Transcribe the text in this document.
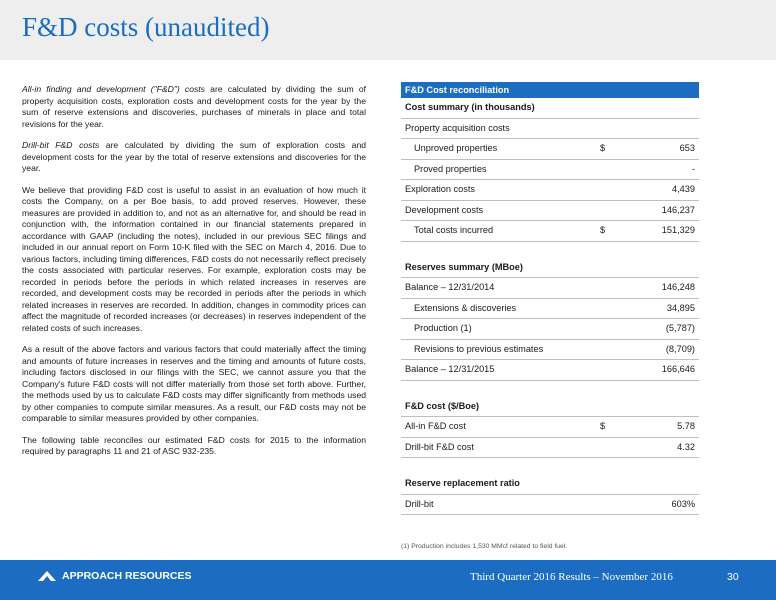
F&D costs (unaudited)

All-in finding and development ("F&D") costs are calculated by dividing the sum of property acquisition costs, exploration costs and development costs for the year by the sum of reserve extensions and discoveries, purchases of minerals in place and total revisions for the year.

Drill-bit F&D costs are calculated by dividing the sum of exploration costs and development costs for the year by the total of reserve extensions and discoveries for the year.

We believe that providing F&D cost is useful to assist in an evaluation of how much it costs the Company, on a per Boe basis, to add proved reserves. However, these measures are provided in addition to, and not as an alternative for, and should be read in conjunction with, the information contained in our financial statements prepared in accordance with GAAP (including the notes), included in our previous SEC filings and included in our annual report on Form 10-K filed with the SEC on March 4, 2016. Due to various factors, including timing differences, F&D costs do not necessarily reflect precisely the costs associated with particular reserves. For example, exploration costs may be recorded in periods before the periods in which related increases in reserves are recorded, and development costs may be recorded in periods after the periods in which related increases in reserves are recorded. In addition, changes in commodity prices can affect the magnitude of recorded increases (or decreases) in reserves independent of the related costs of such increases.

As a result of the above factors and various factors that could materially affect the timing and amounts of future increases in reserves and the timing and amounts of future costs, including factors disclosed in our filings with the SEC, we cannot assure you that the Company's future F&D costs will not differ materially from those set forth above. Further, the methods used by us to calculate F&D costs may differ significantly from methods used by other companies to compute similar measures. As a result, our F&D costs may not be comparable to similar measures provided by other companies.

The following table reconciles our estimated F&D costs for 2015 to the information required by paragraphs 11 and 21 of ASC 932-235.

F&D Cost reconciliation
Cost summary (in thousands)
Property acquisition costs
Unproved properties	$	653
Proved properties	-
Exploration costs	4,439
Development costs	146,237
Total costs incurred	$	151,329
Reserves summary (MBoe)
Balance – 12/31/2014	146,248
Extensions & discoveries	34,895
Production (1)	(5,787)
Revisions to previous estimates	(8,709)
Balance – 12/31/2015	166,646
F&D cost ($/Boe)
All-in F&D cost	$	5.78
Drill-bit F&D cost	4.32
Reserve replacement ratio
Drill-bit	603%
(1) Production includes 1,530 MMcf related to field fuel.
APPROACH RESOURCES	Third Quarter 2016 Results – November 2016	30
